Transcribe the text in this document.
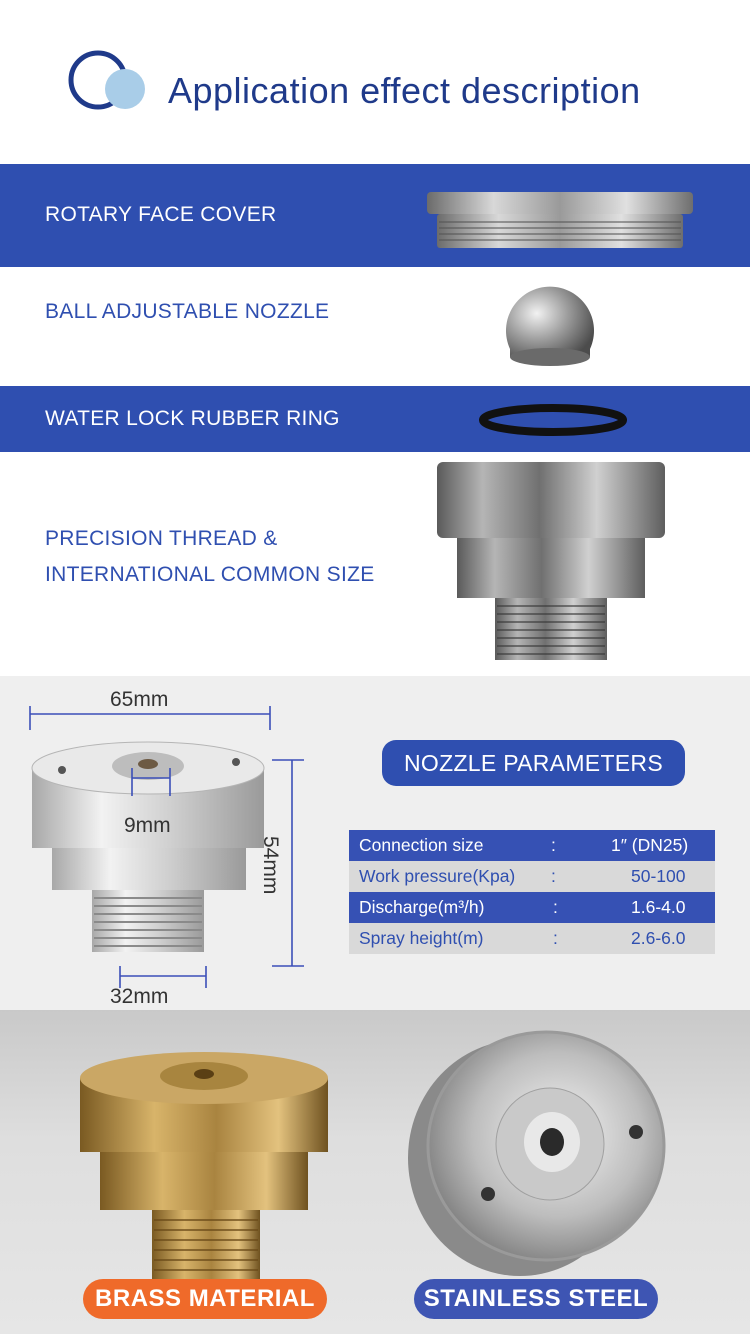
Application effect description
ROTARY FACE COVER
BALL ADJUSTABLE NOZZLE
WATER LOCK RUBBER RING
PRECISION THREAD &
INTERNATIONAL COMMON SIZE
65mm
9mm
54mm
32mm
NOZZLE PARAMETERS
Connection size	:	1″ (DN25)
Work pressure(Kpa) :	50-100
Discharge(m³/h)	:	1.6-4.0
Spray height(m)	:	2.6-6.0
BRASS MATERIAL	STAINLESS STEEL
